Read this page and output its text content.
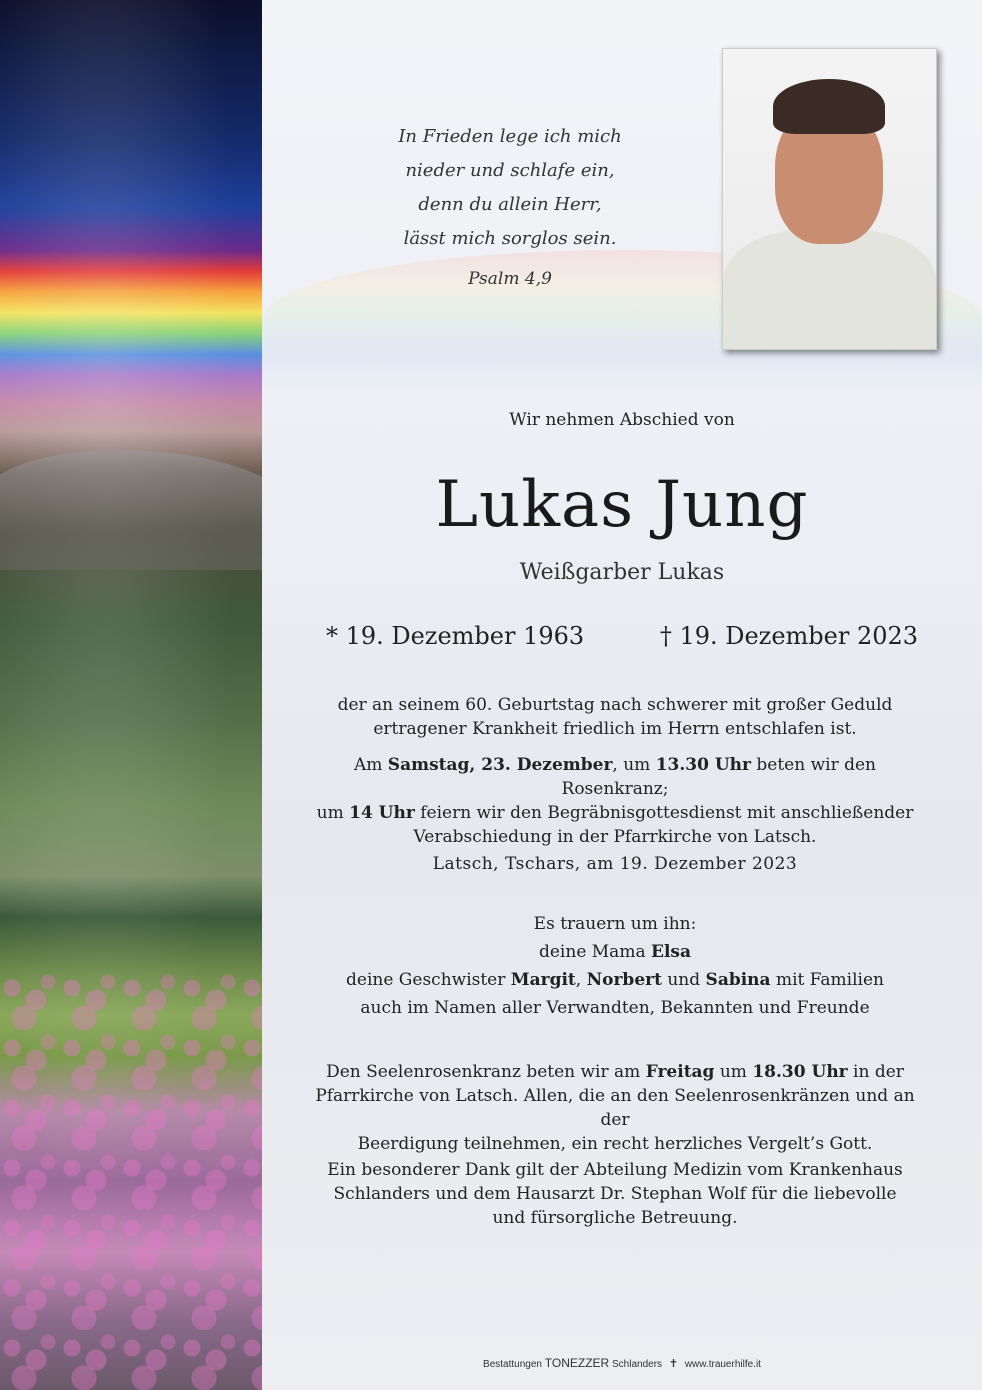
In Frieden lege ich mich
nieder und schlafe ein,
denn du allein Herr,
lässt mich sorglos sein.
Psalm 4,9
Wir nehmen Abschied von
Lukas Jung
Weißgarber Lukas
* 19. Dezember 1963	† 19. Dezember 2023
der an seinem 60. Geburtstag nach schwerer mit großer Geduld
ertragener Krankheit friedlich im Herrn entschlafen ist.
Am Samstag, 23. Dezember, um 13.30 Uhr beten wir den Rosenkranz;
um 14 Uhr feiern wir den Begräbnisgottesdienst mit anschließender
Verabschiedung in der Pfarrkirche von Latsch.
Latsch, Tschars, am 19. Dezember 2023
Es trauern um ihn:
deine Mama Elsa
deine Geschwister Margit, Norbert und Sabina mit Familien
auch im Namen aller Verwandten, Bekannten und Freunde
Den Seelenrosenkranz beten wir am Freitag um 18.30 Uhr in der
Pfarrkirche von Latsch. Allen, die an den Seelenrosenkränzen und an der
Beerdigung teilnehmen, ein recht herzliches Vergelt’s Gott.
Ein besonderer Dank gilt der Abteilung Medizin vom Krankenhaus
Schlanders und dem Hausarzt Dr. Stephan Wolf für die liebevolle
und fürsorgliche Betreuung.
Bestattungen TONEZZER Schlanders ✝ www.trauerhilfe.it
